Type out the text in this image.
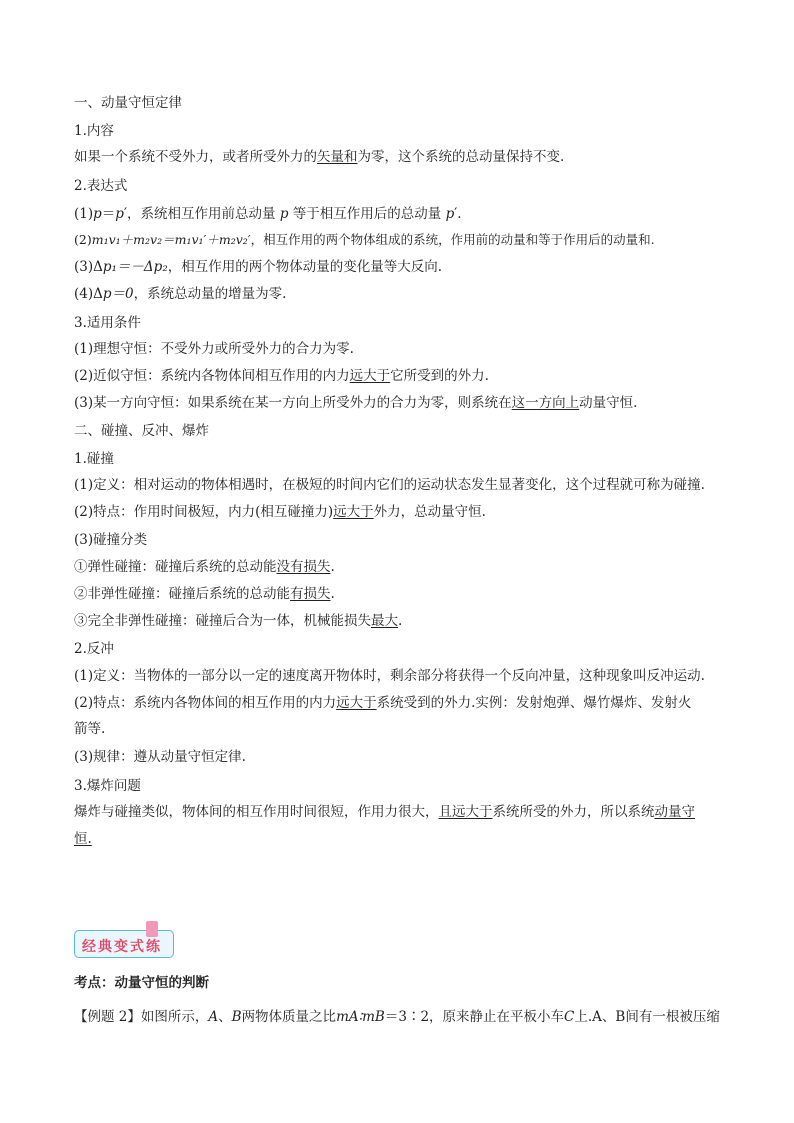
一、动量守恒定律
1.内容
如果一个系统不受外力，或者所受外力的矢量和为零，这个系统的总动量保持不变.
2.表达式
(1)p＝p′，系统相互作用前总动量 p 等于相互作用后的总动量 p′.
(2)m₁v₁＋m₂v₂＝m₁v₁′＋m₂v₂′，相互作用的两个物体组成的系统，作用前的动量和等于作用后的动量和.
(3)Δp₁＝－Δp₂，相互作用的两个物体动量的变化量等大反向.
(4)Δp＝0，系统总动量的增量为零.
3.适用条件
(1)理想守恒：不受外力或所受外力的合力为零.
(2)近似守恒：系统内各物体间相互作用的内力远大于它所受到的外力.
(3)某一方向守恒：如果系统在某一方向上所受外力的合力为零，则系统在这一方向上动量守恒.
二、碰撞、反冲、爆炸
1.碰撞
(1)定义：相对运动的物体相遇时，在极短的时间内它们的运动状态发生显著变化，这个过程就可称为碰撞.
(2)特点：作用时间极短，内力(相互碰撞力)远大于外力，总动量守恒.
(3)碰撞分类
①弹性碰撞：碰撞后系统的总动能没有损失.
②非弹性碰撞：碰撞后系统的总动能有损失.
③完全非弹性碰撞：碰撞后合为一体，机械能损失最大.
2.反冲
(1)定义：当物体的一部分以一定的速度离开物体时，剩余部分将获得一个反向冲量，这种现象叫反冲运动.
(2)特点：系统内各物体间的相互作用的内力远大于系统受到的外力.实例：发射炮弹、爆竹爆炸、发射火
箭等.
(3)规律：遵从动量守恒定律.
3.爆炸问题
爆炸与碰撞类似，物体间的相互作用时间很短，作用力很大，且远大于系统所受的外力，所以系统动量守
恒.
经典变式练
考点：动量守恒的判断
【例题 2】如图所示，A、B两物体质量之比mA∶mB＝3∶2，原来静止在平板小车C上.A、B间有一根被压缩
